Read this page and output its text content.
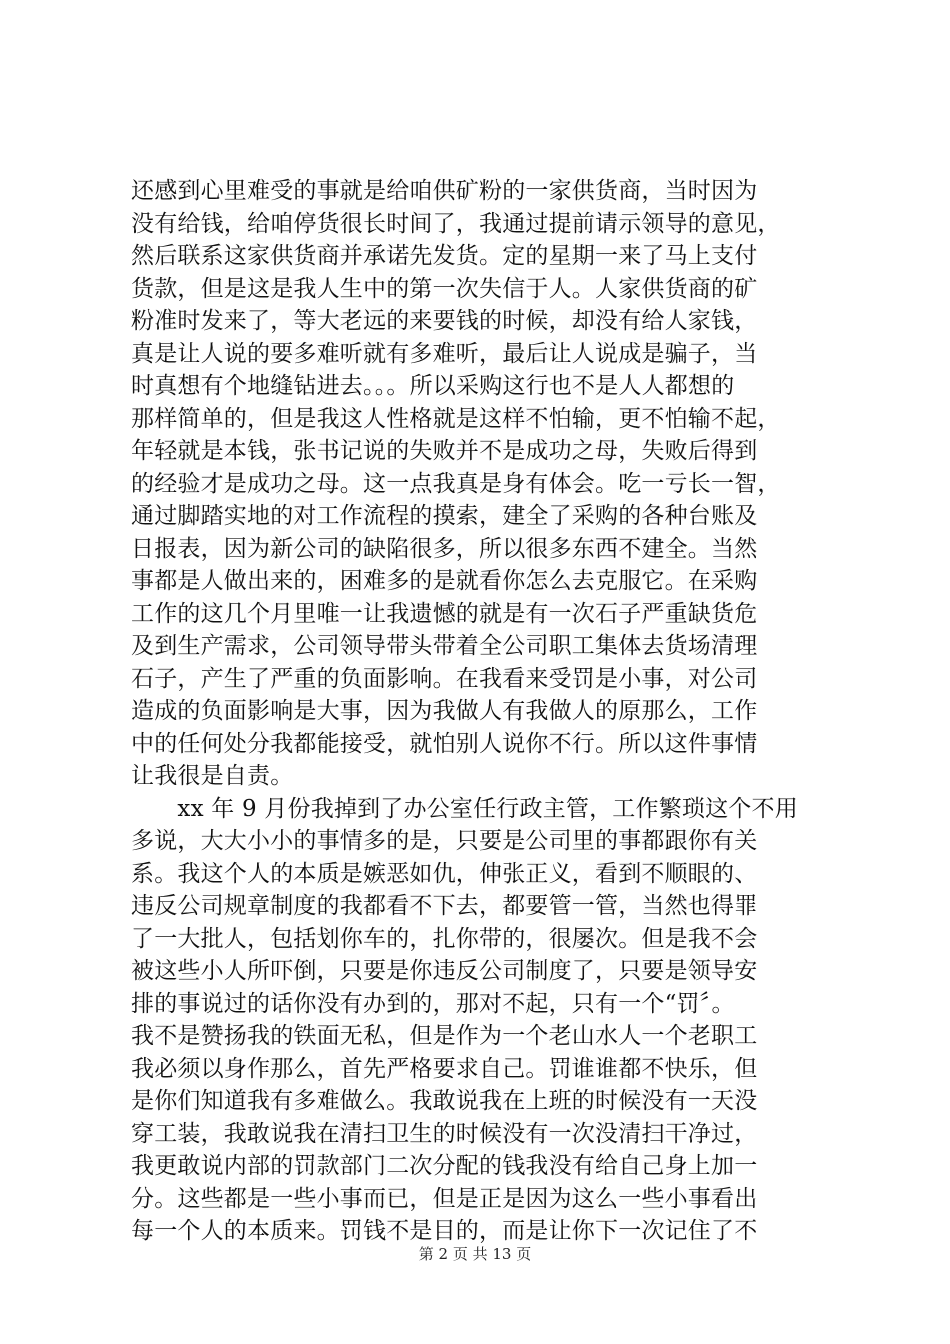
还感到心里难受的事就是给咱供矿粉的一家供货商，当时因为
没有给钱，给咱停货很长时间了，我通过提前请示领导的意见，
然后联系这家供货商并承诺先发货。定的星期一来了马上支付
货款，但是这是我人生中的第一次失信于人。人家供货商的矿
粉准时发来了，等大老远的来要钱的时候，却没有给人家钱，
真是让人说的要多难听就有多难听，最后让人说成是骗子，当
时真想有个地缝钻进去。。。所以采购这行也不是人人都想的
那样简单的，但是我这人性格就是这样不怕输，更不怕输不起，
年轻就是本钱，张书记说的失败并不是成功之母，失败后得到
的经验才是成功之母。这一点我真是身有体会。吃一亏长一智，
通过脚踏实地的对工作流程的摸索，建全了采购的各种台账及
日报表，因为新公司的缺陷很多，所以很多东西不建全。当然
事都是人做出来的，困难多的是就看你怎么去克服它。在采购
工作的这几个月里唯一让我遗憾的就是有一次石子严重缺货危
及到生产需求，公司领导带头带着全公司职工集体去货场清理
石子，产生了严重的负面影响。在我看来受罚是小事，对公司
造成的负面影响是大事，因为我做人有我做人的原那么，工作
中的任何处分我都能接受，就怕别人说你不行。所以这件事情
让我很是自责。
　　xx 年 9 月份我掉到了办公室任行政主管，工作繁琐这个不用
多说，大大小小的事情多的是，只要是公司里的事都跟你有关
系。我这个人的本质是嫉恶如仇，伸张正义，看到不顺眼的、
违反公司规章制度的我都看不下去，都要管一管，当然也得罪
了一大批人，包括划你车的，扎你带的，很屡次。但是我不会
被这些小人所吓倒，只要是你违反公司制度了，只要是领导安
排的事说过的话你没有办到的，那对不起，只有一个“罚〞。
我不是赞扬我的铁面无私，但是作为一个老山水人一个老职工
我必须以身作那么，首先严格要求自己。罚谁谁都不快乐，但
是你们知道我有多难做么。我敢说我在上班的时候没有一天没
穿工装，我敢说我在清扫卫生的时候没有一次没清扫干净过，
我更敢说内部的罚款部门二次分配的钱我没有给自己身上加一
分。这些都是一些小事而已，但是正是因为这么一些小事看出
每一个人的本质来。罚钱不是目的，而是让你下一次记住了不
第 2 页 共 13 页
